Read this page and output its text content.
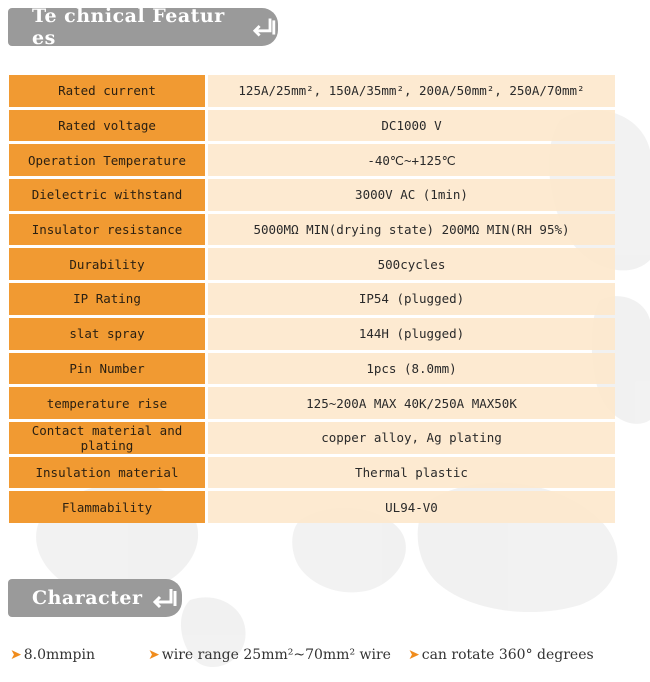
Te chnical Featur es
Rated current	125A/25mm², 150A/35mm², 200A/50mm², 250A/70mm²
Rated voltage	DC1000 V
Operation Temperature	-40℃~+125℃
Dielectric withstand	3000V AC (1min)
Insulator resistance	5000MΩ MIN(drying state) 200MΩ MIN(RH 95%)
Durability	500cycles
IP Rating	IP54 (plugged)
slat spray	144H (plugged)
Pin Number	1pcs (8.0mm)
temperature rise	125~200A MAX 40K/250A MAX50K
Contact material and plating	copper alloy, Ag plating
Insulation material	Thermal plastic
Flammability	UL94-V0
Character
➤ 8.0mmpin	➤ wire range 25mm²~70mm² wire ➤ can rotate 360° degrees
